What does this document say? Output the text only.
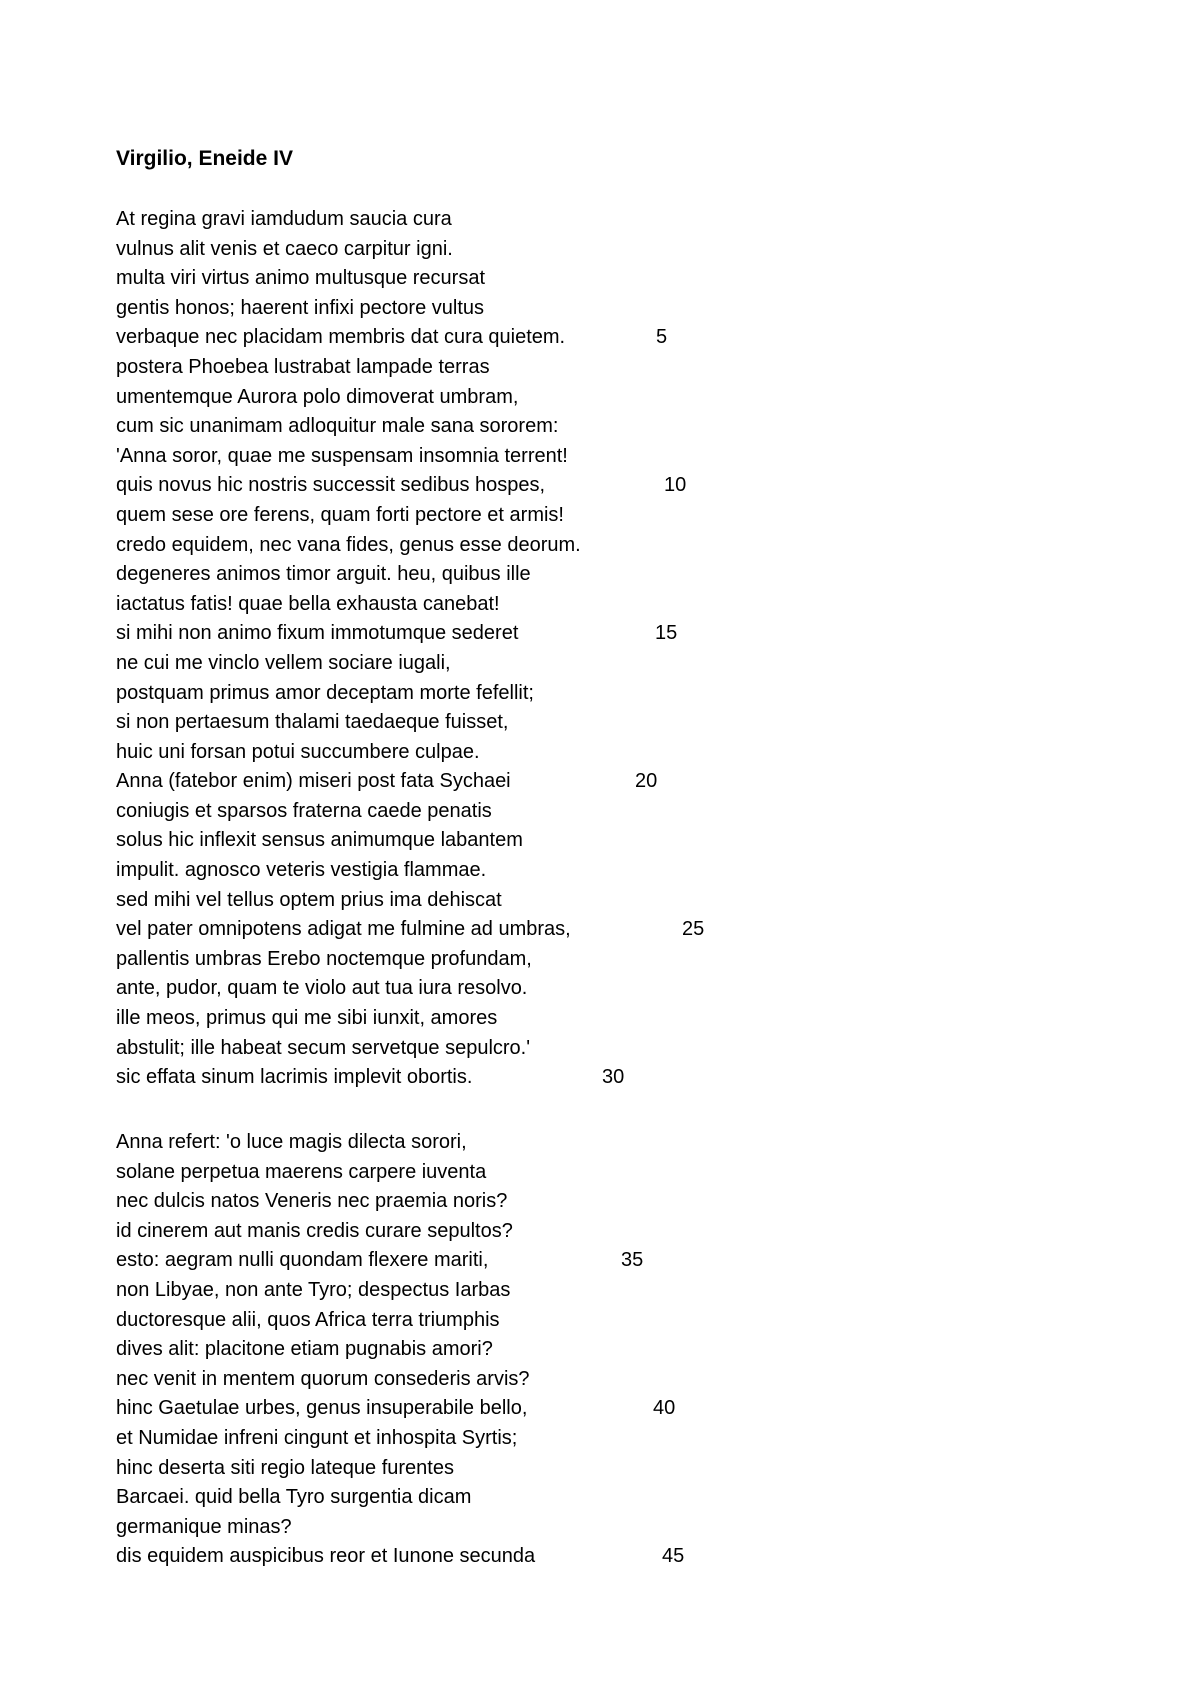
Virgilio, Eneide IV
At regina gravi iamdudum saucia cura
vulnus alit venis et caeco carpitur igni.
multa viri virtus animo multusque recursat
gentis honos; haerent infixi pectore vultus
verbaque nec placidam membris dat cura quietem.	5
postera Phoebea lustrabat lampade terras
umentemque Aurora polo dimoverat umbram,
cum sic unanimam adloquitur male sana sororem:
'Anna soror, quae me suspensam insomnia terrent!
quis novus hic nostris successit sedibus hospes,	10
quem sese ore ferens, quam forti pectore et armis!
credo equidem, nec vana fides, genus esse deorum.
degeneres animos timor arguit. heu, quibus ille
iactatus fatis! quae bella exhausta canebat!
si mihi non animo fixum immotumque sederet	15
ne cui me vinclo vellem sociare iugali,
postquam primus amor deceptam morte fefellit;
si non pertaesum thalami taedaeque fuisset,
huic uni forsan potui succumbere culpae.
Anna (fatebor enim) miseri post fata Sychaei	20
coniugis et sparsos fraterna caede penatis
solus hic inflexit sensus animumque labantem
impulit. agnosco veteris vestigia flammae.
sed mihi vel tellus optem prius ima dehiscat
vel pater omnipotens adigat me fulmine ad umbras,	25
pallentis umbras Erebo noctemque profundam,
ante, pudor, quam te violo aut tua iura resolvo.
ille meos, primus qui me sibi iunxit, amores
abstulit; ille habeat secum servetque sepulcro.'
sic effata sinum lacrimis implevit obortis.	30
Anna refert: 'o luce magis dilecta sorori,
solane perpetua maerens carpere iuventa
nec dulcis natos Veneris nec praemia noris?
id cinerem aut manis credis curare sepultos?
esto: aegram nulli quondam flexere mariti,	35
non Libyae, non ante Tyro; despectus Iarbas
ductoresque alii, quos Africa terra triumphis
dives alit: placitone etiam pugnabis amori?
nec venit in mentem quorum consederis arvis?
hinc Gaetulae urbes, genus insuperabile bello,	40
et Numidae infreni cingunt et inhospita Syrtis;
hinc deserta siti regio lateque furentes
Barcaei. quid bella Tyro surgentia dicam
germanique minas?
dis equidem auspicibus reor et Iunone secunda	45
